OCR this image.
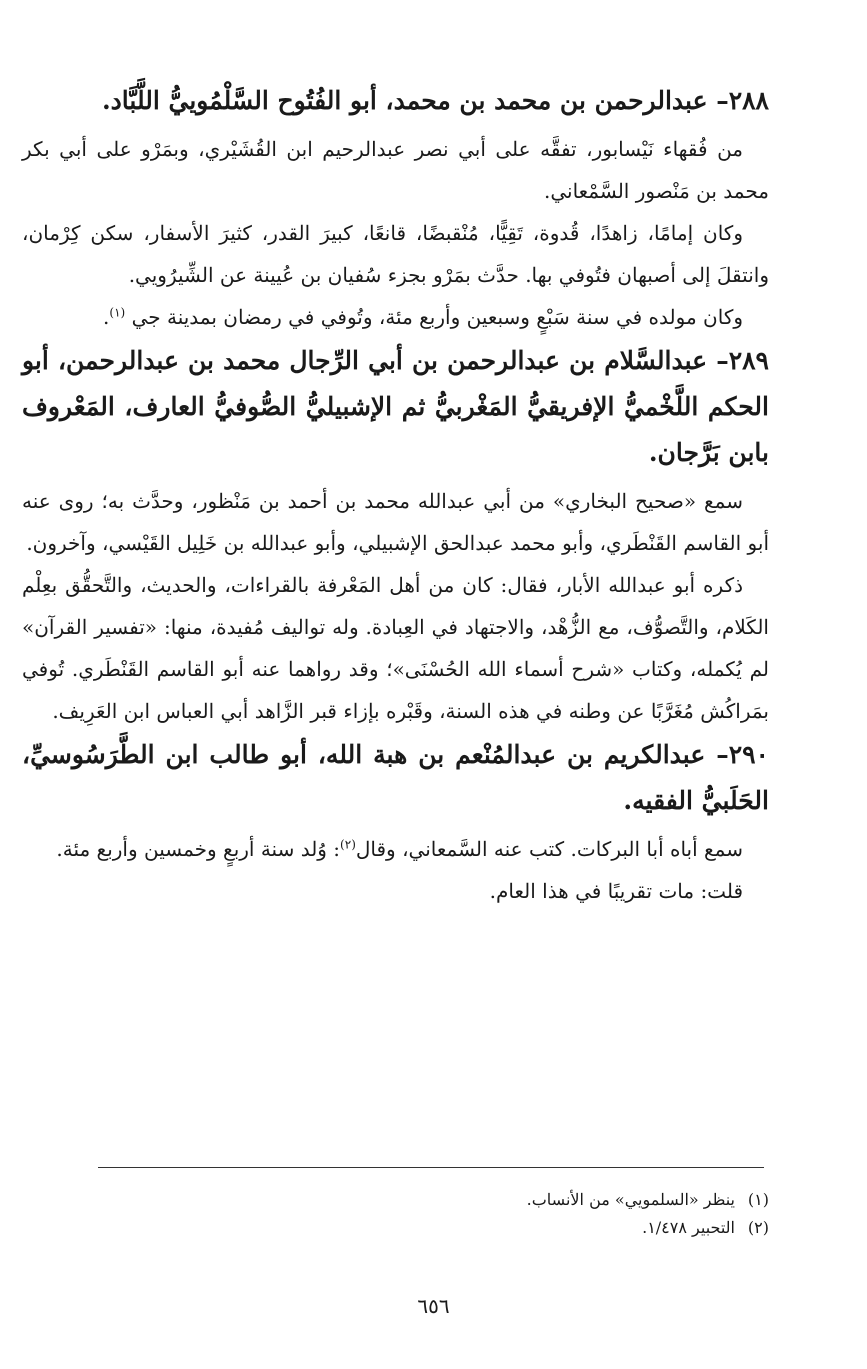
٢٨٨– عبدالرحمن بن محمد بن محمد، أبو الفُتُوح السَّلْمُوييُّ اللَّبَّاد.

من فُقهاء نَيْسابور، تفقَّه على أبي نصر عبدالرحيم ابن القُشَيْري، وبمَرْو على أبي بكر محمد بن مَنْصور السَّمْعاني.

وكان إمامًا، زاهدًا، قُدوة، تَقِيًّا، مُنْقبضًا، قانعًا، كبيرَ القدر، كثيرَ الأسفار، سكن كِرْمان، وانتقلَ إلى أصبهان فتُوفي بها. حدَّث بمَرْو بجزء سُفيان بن عُيينة عن الشِّيرُويي.

وكان مولده في سنة سَبْعٍ وسبعين وأربع مئة، وتُوفي في رمضان بمدينة جي $^{(١)}$.

٢٨٩– عبدالسَّلام بن عبدالرحمن بن أبي الرِّجال محمد بن عبدالرحمن، أبو الحكم اللَّخْميُّ الإفريقيُّ المَغْربيُّ ثم الإشبيليُّ الصُّوفيُّ العارف، المَعْروف بابن بَرَّجان.

سمع «صحيح البخاري» من أبي عبدالله محمد بن أحمد بن مَنْظور، وحدَّث به؛ روى عنه أبو القاسم القَنْطَري، وأبو محمد عبدالحق الإشبيلي، وأبو عبدالله بن خَلِيل القَيْسي، وآخرون.

ذكره أبو عبدالله الأبار، فقال: كان من أهل المَعْرفة بالقراءات، والحديث، والتَّحقُّق بعِلْم الكَلام، والتَّصوُّف، مع الزُّهْد، والاجتهاد في العِبادة. وله تواليف مُفيدة، منها: «تفسير القرآن» لم يُكمله، وكتاب «شرح أسماء الله الحُسْنَى»؛ وقد رواهما عنه أبو القاسم القَنْطَري. تُوفي بمَراكُش مُغَرَّبًا عن وطنه في هذه السنة، وقَبْره بإزاء قبر الزَّاهد أبي العباس ابن العَرِيف.

٢٩٠– عبدالكريم بن عبدالمُنْعم بن هبة الله، أبو طالب ابن الطَّرَسُوسيِّ، الحَلَبيُّ الفقيه.

سمع أباه أبا البركات. كتب عنه السَّمعاني، وقال$^{(٢)}$: وُلد سنة أربعٍ وخمسين وأربع مئة.

قلت: مات تقريبًا في هذا العام.

(١)ينظر «السلمويي» من الأنساب.
(٢)التحبير ١/٤٧٨.
٦٥٦
